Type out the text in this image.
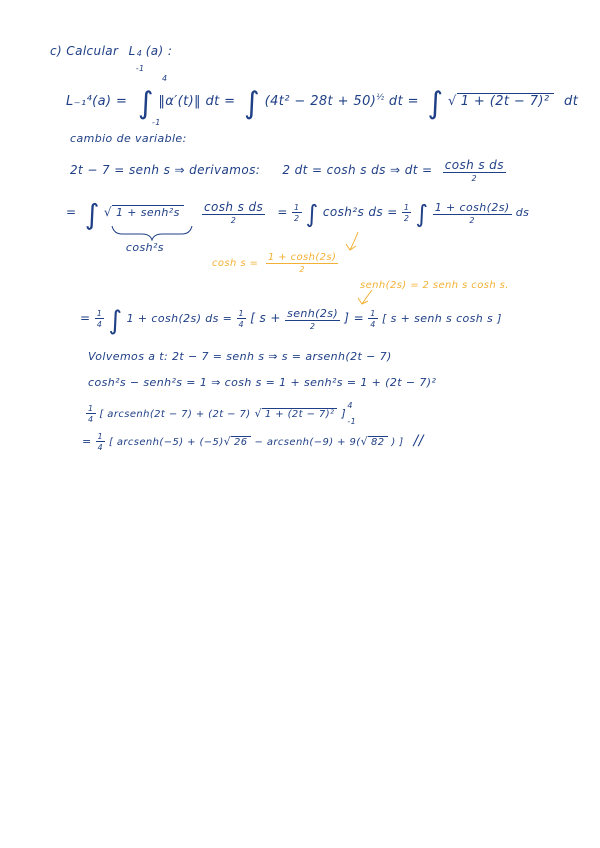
c) Calcular L 4
-1
(a) :
L₋₁⁴(a) = ∫ ‖α′(t)‖ dt = ∫ $(4t^2 - 28t + 50)^{\frac{1}{2}}$ dt = ∫ √ 1 + (2t − 7)² dt
4
-1
cambio de variable:
2t − 7 = senh s ⇒ derivamos: 2 dt = cosh s ds ⇒ dt = $\frac{\text{cosh s ds}}{2}$
= ∫ √ 1 + senh²s
cosh²s

$\frac{\text{cosh s ds}}{2} = \frac{1}{2}$ ∫ cosh²s ds = $\frac{1}{2}$ ∫ $\frac{1 + \cosh(2s)}{2}$ ds
$\cosh s = \frac{1 + \cosh(2s)}{2}$
senh(2s) = 2 senh s cosh s.
= $\frac{1}{4}$ ∫ 1 + cosh(2s) ds = $\frac{1}{4}$ [ $s + \frac{\text{senh(2s)}}{2}$ ] = $\frac{1}{4}$ [ s + senh s cosh s ]
Volvemos a t: 2t − 7 = senh s ⇒ s = arsenh(2t − 7)
cosh²s − senh²s = 1 ⇒ cosh s = 1 + senh²s = 1 + (2t − 7)²
$\frac{1}{4}$ [ arcsenh(2t − 7) + (2t − 7) √ 1 + (2t − 7)² ]
4
-1
= $\frac{1}{4}$ [ arcsenh(−5) + (−5)√ 26 − arcsenh(−9) + 9(√ 82 ) ] //
